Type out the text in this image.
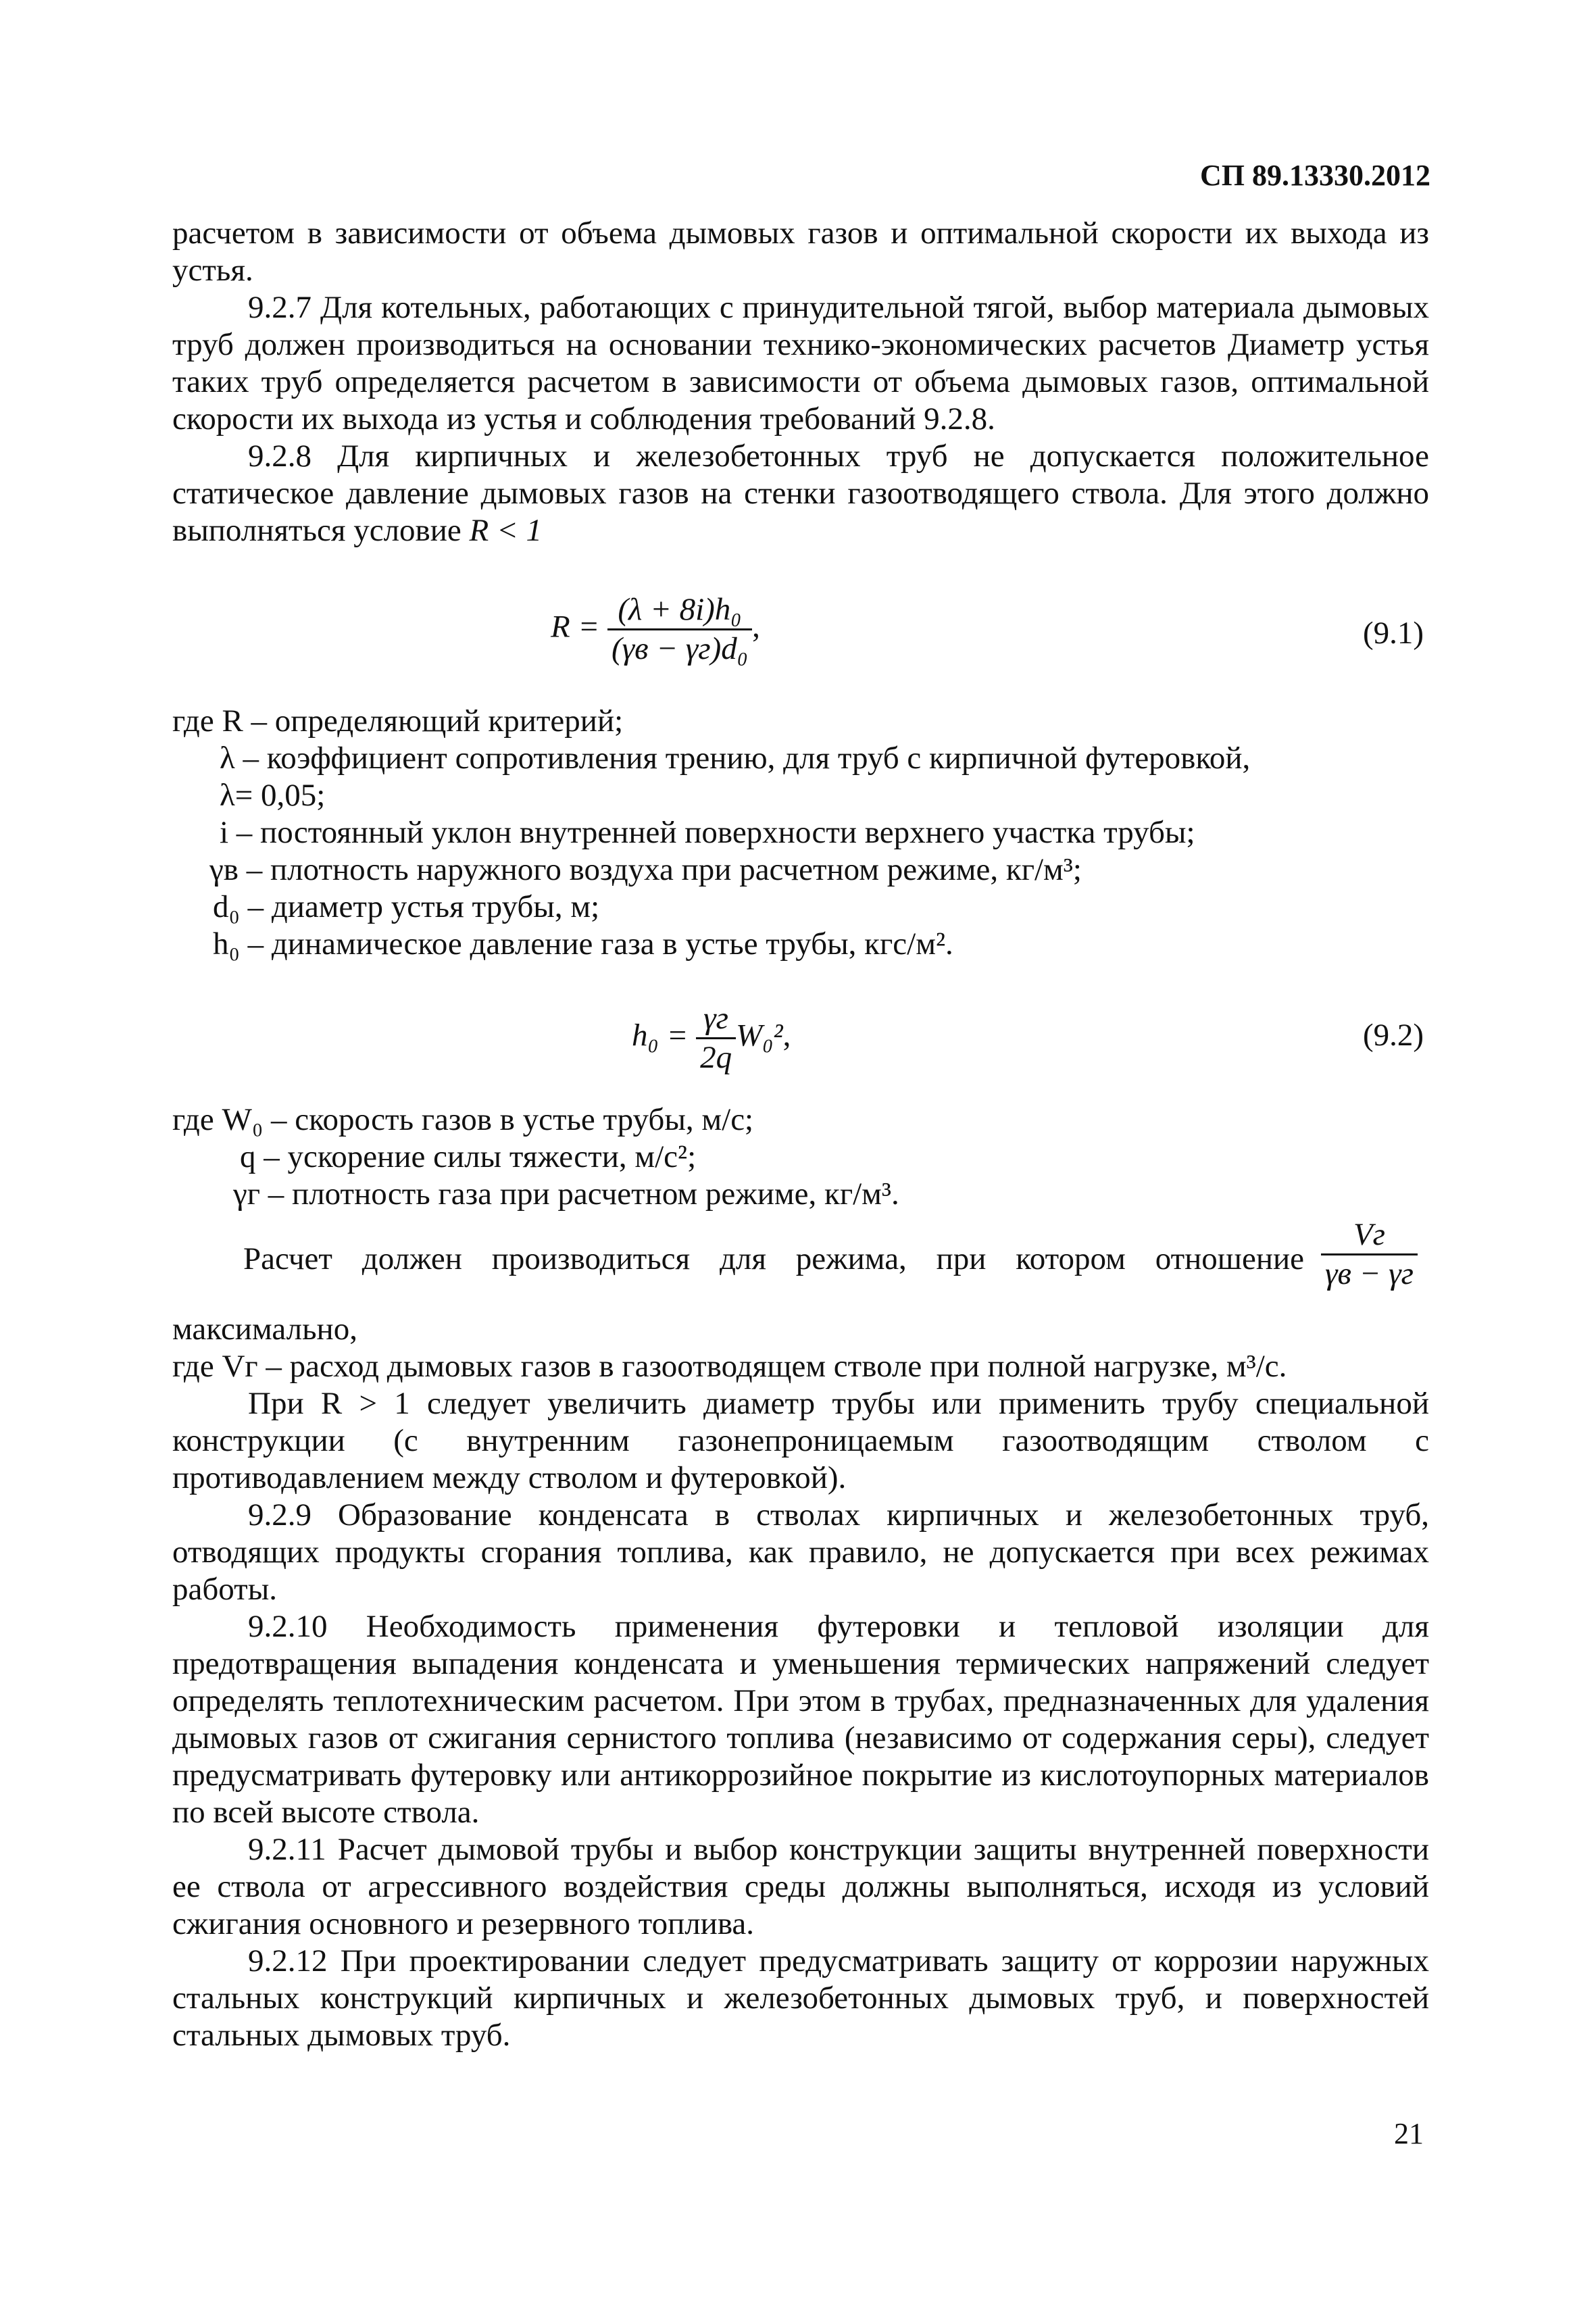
СП 89.13330.2012

расчетом в зависимости от объема дымовых газов и оптимальной скорости их выхода из устья.

9.2.7 Для котельных, работающих с принудительной тягой, выбор материала дымовых труб должен производиться на основании технико-экономических расчетов Диаметр устья таких труб определяется расчетом в зависимости от объема дымовых газов, оптимальной скорости их выхода из устья и соблюдения требований 9.2.8.

9.2.8 Для кирпичных и железобетонных труб не допускается положительное статическое давление дымовых газов на стенки газоотводящего ствола. Для этого должно выполняться условие R < 1

$R = \frac{\text{(λ + 8i)h₀}}{\text{(γв − γг)d₀}}$ ,	(9.1)
где R – определяющий критерий;
λ – коэффициент сопротивления трению, для труб с кирпичной футеровкой,
λ= 0,05;
i – постоянный уклон внутренней поверхности верхнего участка трубы;
γв – плотность наружного воздуха при расчетном режиме, кг/м³;
d₀ – диаметр устья трубы, м;
h₀ – динамическое давление газа в устье трубы, кгс/м².
$h_0 = \frac{\gamma г}{2q} W_0^2$,	(9.2)
где W₀ – скорость газов в устье трубы, м/с;
q – ускорение силы тяжести, м/с²;
γг – плотность газа при расчетном режиме, кг/м³.
Расчет должен производиться для режима, при котором отношение $\frac{Vг}{\gamma в - \gamma г}$

максимально,

где Vг – расход дымовых газов в газоотводящем стволе при полной нагрузке, м³/с.

При R > 1 следует увеличить диаметр трубы или применить трубу специальной конструкции (с внутренним газонепроницаемым газоотводящим стволом с противодавлением между стволом и футеровкой).

9.2.9 Образование конденсата в стволах кирпичных и железобетонных труб, отводящих продукты сгорания топлива, как правило, не допускается при всех режимах работы.

9.2.10 Необходимость применения футеровки и тепловой изоляции для предотвращения выпадения конденсата и уменьшения термических напряжений следует определять теплотехническим расчетом. При этом в трубах, предназначенных для удаления дымовых газов от сжигания сернистого топлива (независимо от содержания серы), следует предусматривать футеровку или антикоррозийное покрытие из кислотоупорных материалов по всей высоте ствола.

9.2.11 Расчет дымовой трубы и выбор конструкции защиты внутренней поверхности ее ствола от агрессивного воздействия среды должны выполняться, исходя из условий сжигания основного и резервного топлива.

9.2.12 При проектировании следует предусматривать защиту от коррозии наружных стальных конструкций кирпичных и железобетонных дымовых труб, и поверхностей стальных дымовых труб.

21
